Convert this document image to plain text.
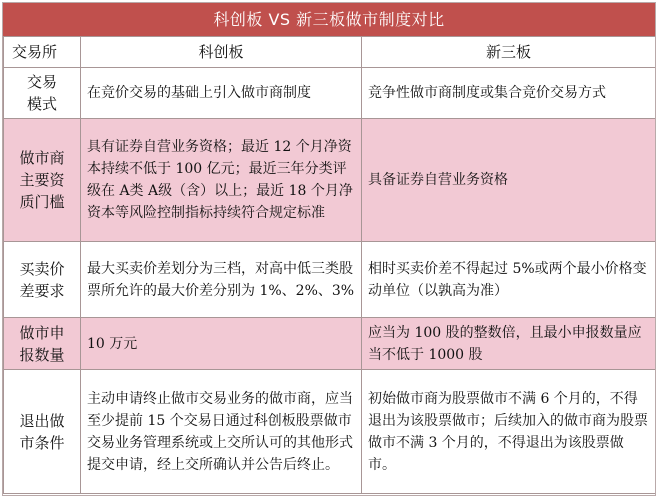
科创板 VS 新三板做市制度对比
交易所	科创板	新三板
交易
模式	在竞价交易的基础上引入做市商制度	竞争性做市商制度或集合竞价交易方式
做市商
主要资
质门槛	具有证券自营业务资格；最近 12 个月净资本持续不低于 100 亿元；最近三年分类评级在 A类 A级（含）以上；最近 18 个月净资本等风险控制指标持续符合规定标准	具备证券自营业务资格
买卖价
差要求	最大买卖价差划分为三档，对高中低三类股票所允许的最大价差分别为 1%、2%、3%	相时买卖价差不得起过 5%或两个最小价格变动单位（以孰高为准）
做市申
报数量	10 万元	应当为 100 股的整数倍，且最小申报数量应当不低于 1000 股
退出做
市条件	主动申请终止做市交易业务的做市商，应当至少提前 15 个交易日通过科创板股票做市交易业务管理系统或上交所认可的其他形式提交申请，经上交所确认并公告后终止。	初始做市商为股票做市不满 6 个月的，不得退出为该股票做市；后续加入的做市商为股票做市不满 3 个月的，不得退出为该股票做市。
